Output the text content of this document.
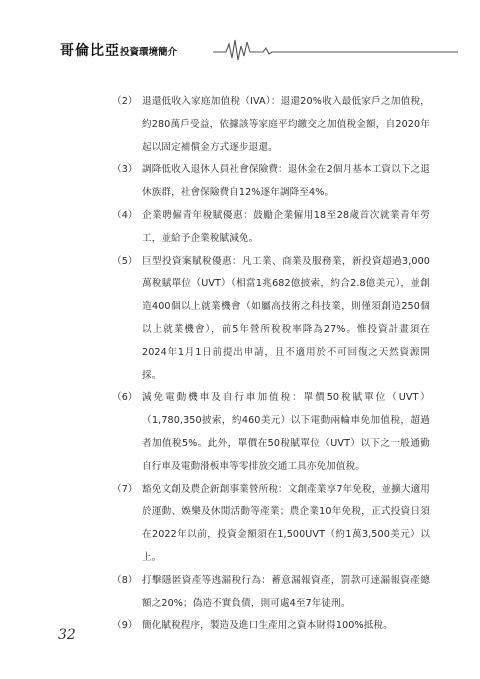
哥倫比亞投資環境簡介
（2） 退還低收入家庭加值稅（IVA）：退還20%收入最低家戶之加值稅，約280萬戶受益，依據該等家庭平均繳交之加值稅金額，自2020年起以固定補償金方式逐步退還。
（3） 調降低收入退休人員社會保險費：退休金在2個月基本工資以下之退休族群，社會保險費自12%逐年調降至4%。
（4） 企業聘僱青年稅賦優惠：鼓勵企業僱用18至28歲首次就業青年勞工，並給予企業稅賦減免。
（5） 巨型投資案賦稅優惠：凡工業、商業及服務業，新投資超過3,000萬稅賦單位（UVT）（相當1兆682億披索，約合2.8億美元），並創造400個以上就業機會（如屬高技術之科技業，則僅須創造250個以上就業機會），前5年營所稅稅率降為27%。惟投資計畫須在2024年1月1日前提出申請，且不適用於不可回復之天然資源開採。
（6） 減免電動機車及自行車加值稅：單價50稅賦單位（UVT）（1,780,350披索，約460美元）以下電動兩輪車免加值稅，超過者加值稅5%。此外，單價在50稅賦單位（UVT）以下之一般通勤自行車及電動滑板車等零排放交通工具亦免加值稅。
（7） 豁免文創及農企新創事業營所稅：文創產業享7年免稅，並擴大適用於運動、娛樂及休閒活動等產業；農企業10年免稅，正式投資日須在2022年以前，投資金額須在1,500UVT（約1萬3,500美元）以上。
（8） 打擊隱匿資產等逃漏稅行為：蓄意漏報資產，罰款可達漏報資產總額之20%；偽造不實負債，則可處4至7年徒刑。
（9） 簡化賦稅程序，製造及進口生產用之資本財得100%抵稅。
32
